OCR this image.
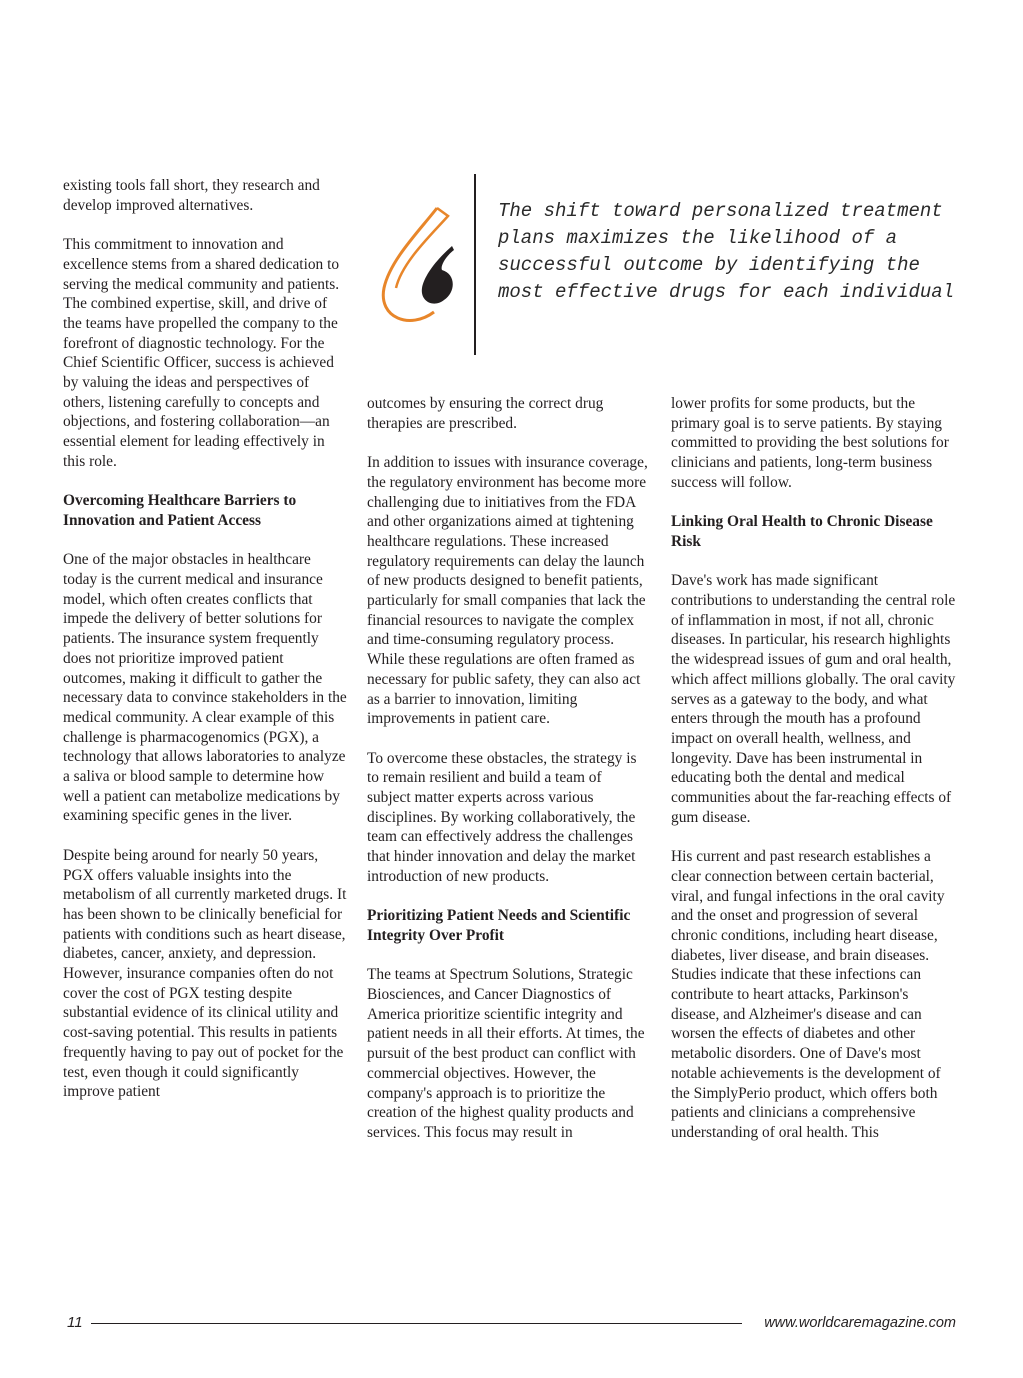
existing tools fall short, they research and develop improved alternatives.

This commitment to innovation and excellence stems from a shared dedication to serving the medical community and patients. The combined expertise, skill, and drive of the teams have propelled the company to the forefront of diagnostic technology. For the Chief Scientific Officer, success is achieved by valuing the ideas and perspectives of others, listening carefully to concepts and objections, and fostering collaboration—an essential element for leading effectively in this role.

Overcoming Healthcare Barriers to Innovation and Patient Access

One of the major obstacles in healthcare today is the current medical and insurance model, which often creates conflicts that impede the delivery of better solutions for patients. The insurance system frequently does not prioritize improved patient outcomes, making it difficult to gather the necessary data to convince stakeholders in the medical community. A clear example of this challenge is pharmacogenomics (PGX), a technology that allows laboratories to analyze a saliva or blood sample to determine how well a patient can metabolize medications by examining specific genes in the liver.

Despite being around for nearly 50 years, PGX offers valuable insights into the metabolism of all currently marketed drugs. It has been shown to be clinically beneficial for patients with conditions such as heart disease, diabetes, cancer, anxiety, and depression. However, insurance companies often do not cover the cost of PGX testing despite substantial evidence of its clinical utility and cost-saving potential. This results in patients frequently having to pay out of pocket for the test, even though it could significantly improve patient

The shift toward personalized treatment plans maximizes the likelihood of a successful outcome by identifying the most effective drugs for each individual

outcomes by ensuring the correct drug therapies are prescribed.

In addition to issues with insurance coverage, the regulatory environment has become more challenging due to initiatives from the FDA and other organizations aimed at tightening healthcare regulations. These increased regulatory requirements can delay the launch of new products designed to benefit patients, particularly for small companies that lack the financial resources to navigate the complex and time-consuming regulatory process. While these regulations are often framed as necessary for public safety, they can also act as a barrier to innovation, limiting improvements in patient care.

To overcome these obstacles, the strategy is to remain resilient and build a team of subject matter experts across various disciplines. By working collaboratively, the team can effectively address the challenges that hinder innovation and delay the market introduction of new products.

Prioritizing Patient Needs and Scientific Integrity Over Profit

The teams at Spectrum Solutions, Strategic Biosciences, and Cancer Diagnostics of America prioritize scientific integrity and patient needs in all their efforts. At times, the pursuit of the best product can conflict with commercial objectives. However, the company's approach is to prioritize the creation of the highest quality products and services. This focus may result in

lower profits for some products, but the primary goal is to serve patients. By staying committed to providing the best solutions for clinicians and patients, long-term business success will follow.

Linking Oral Health to Chronic Disease Risk

Dave's work has made significant contributions to understanding the central role of inflammation in most, if not all, chronic diseases. In particular, his research highlights the widespread issues of gum and oral health, which affect millions globally. The oral cavity serves as a gateway to the body, and what enters through the mouth has a profound impact on overall health, wellness, and longevity. Dave has been instrumental in educating both the dental and medical communities about the far-reaching effects of gum disease.

His current and past research establishes a clear connection between certain bacterial, viral, and fungal infections in the oral cavity and the onset and progression of several chronic conditions, including heart disease, diabetes, liver disease, and brain diseases. Studies indicate that these infections can contribute to heart attacks, Parkinson's disease, and Alzheimer's disease and can worsen the effects of diabetes and other metabolic disorders. One of Dave's most notable achievements is the development of the SimplyPerio product, which offers both patients and clinicians a comprehensive understanding of oral health. This

11	www.worldcaremagazine.com
